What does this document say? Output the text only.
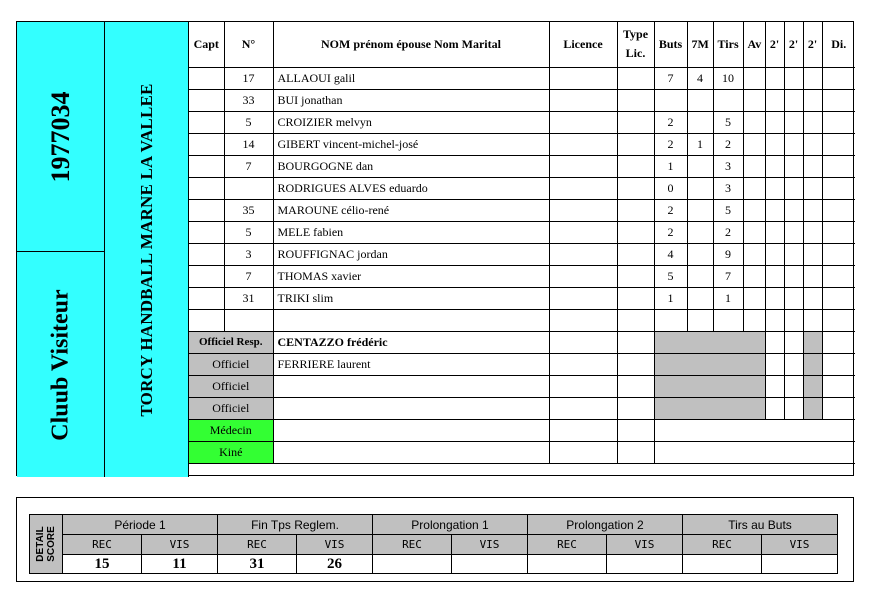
1977034
Cluub Visiteur	TORCY HANDBALL MARNE LA VALLEE
Capt	N°	NOM prénom épouse Nom Marital	Licence	Type Lic.	Buts	7M	Tirs	Av	2'	2'	2'	Di.
	17	ALLAOUI galil			7	4	10					
	33	BUI jonathan										
	5	CROIZIER melvyn			2		5					
	14	GIBERT vincent-michel-josé			2	1	2					
	7	BOURGOGNE dan			1		3					
		RODRIGUES ALVES eduardo			0		3					
	35	MAROUNE célio-rené			2		5					
	5	MELE fabien			2		2					
	3	ROUFFIGNAC jordan			4		9					
	7	THOMAS xavier			5		7					
	31	TRIKI slim			1		1					

Officiel Resp.		CENTAZZO frédéric										
Officiel		FERRIERE laurent										
Officiel												
Officiel												
Médecin												
Kiné												
DETAIL
SCORE	Période 1		Fin Tps Reglem.		Prolongation 1		Prolongation 2		Tirs au Buts	
	REC	VIS	REC	VIS	REC	VIS	REC	VIS	REC	VIS
	15	11	31	26						
